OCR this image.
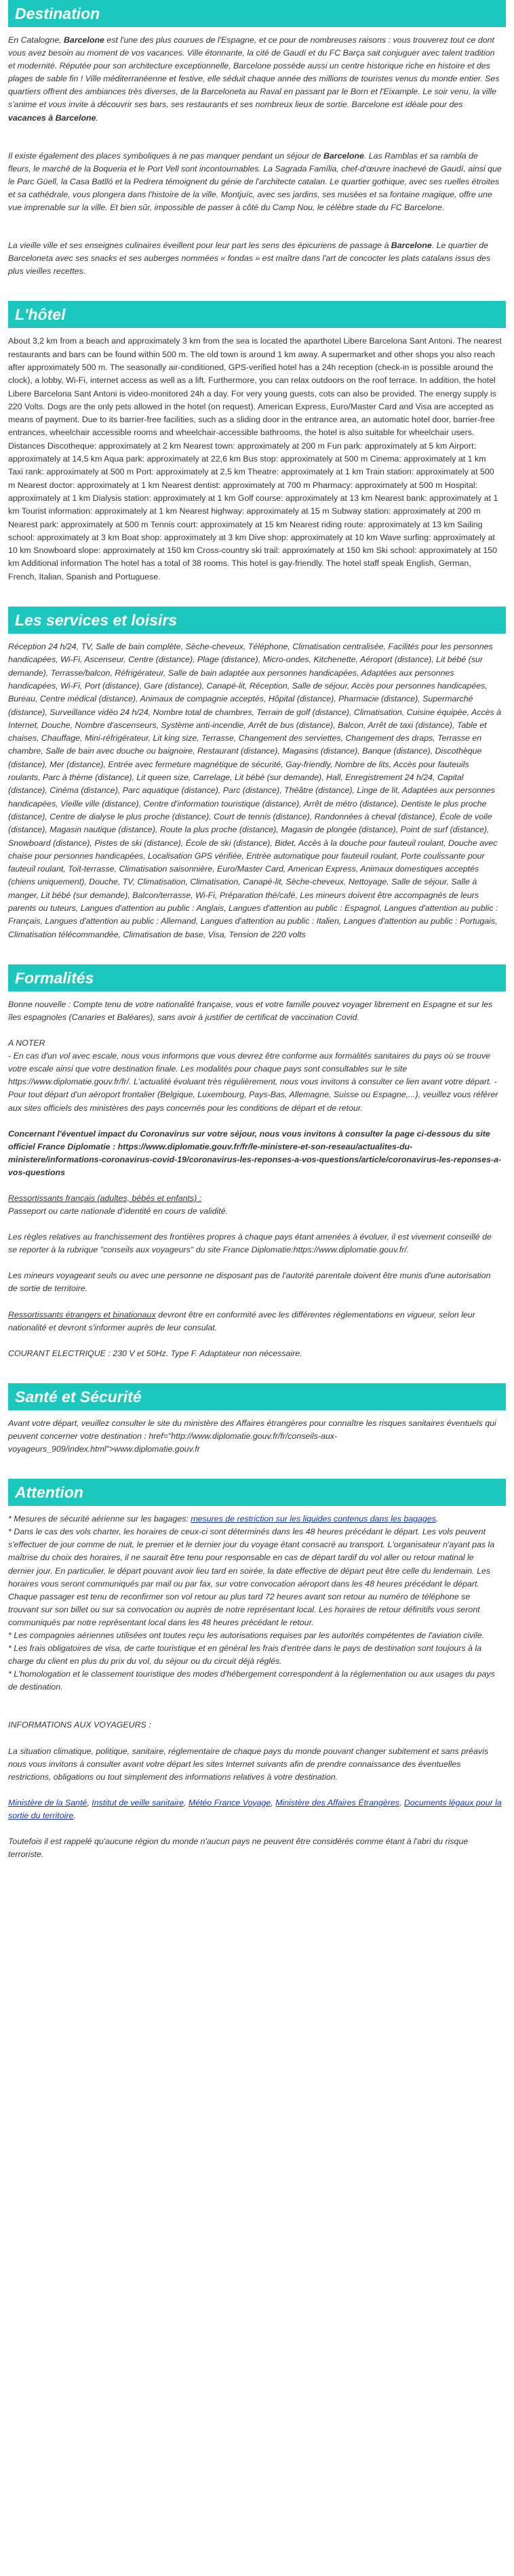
Destination
En Catalogne, Barcelone est l'une des plus courues de l'Espagne, et ce pour de nombreuses raisons : vous trouverez tout ce dont vous avez besoin au moment de vos vacances. Ville étonnante, la cité de Gaudí et du FC Barça sait conjuguer avec talent tradition et modernité. Réputée pour son architecture exceptionnelle, Barcelone possède aussi un centre historique riche en histoire et des plages de sable fin ! Ville méditerranéenne et festive, elle séduit chaque année des millions de touristes venus du monde entier. Ses quartiers offrent des ambiances très diverses, de la Barceloneta au Raval en passant par le Born et l'Eixample. Le soir venu, la ville s'anime et vous invite à découvrir ses bars, ses restaurants et ses nombreux lieux de sortie. Barcelone est idéale pour des vacances à Barcelone.
Il existe également des places symboliques à ne pas manquer pendant un séjour de Barcelone. Las Ramblas et sa rambla de fleurs, le marché de la Boqueria et le Port Vell sont incontournables. La Sagrada Família, chef-d'œuvre inachevé de Gaudí, ainsi que le Parc Güell, la Casa Batlló et la Pedrera témoignent du génie de l'architecte catalan. Le quartier gothique, avec ses ruelles étroites et sa cathédrale, vous plongera dans l'histoire de la ville. Montjuïc, avec ses jardins, ses musées et sa fontaine magique, offre une vue imprenable sur la ville. Et bien sûr, impossible de passer à côté du Camp Nou, le célèbre stade du FC Barcelone.
La vieille ville et ses enseignes culinaires éveillent pour leur part les sens des épicuriens de passage à Barcelone. Le quartier de Barceloneta avec ses snacks et ses auberges nommées « fondas » est maître dans l'art de concocter les plats catalans issus des plus vieilles recettes.
L'hôtel
About 3,2 km from a beach and approximately 3 km from the sea is located the aparthotel Libere Barcelona Sant Antoni. The nearest restaurants and bars can be found within 500 m. The old town is around 1 km away. A supermarket and other shops you also reach after approximately 500 m. The seasonally air-conditioned, GPS-verified hotel has a 24h reception (check-in is possible around the clock), a lobby, Wi-Fi, internet access as well as a lift. Furthermore, you can relax outdoors on the roof terrace. In addition, the hotel Libere Barcelona Sant Antoni is video-monitored 24h a day. For very young guests, cots can also be provided. The energy supply is 220 Volts. Dogs are the only pets allowed in the hotel (on request). American Express, Euro/Master Card and Visa are accepted as means of payment. Due to its barrier-free facilities, such as a sliding door in the entrance area, an automatic hotel door, barrier-free entrances, wheelchair accessible rooms and wheelchair-accessible bathrooms, the hotel is also suitable for wheelchair users. Distances Discotheque: approximately at 2 km Nearest town: approximately at 200 m Fun park: approximately at 5 km Airport: approximately at 14,5 km Aqua park: approximately at 22,6 km Bus stop: approximately at 500 m Cinema: approximately at 1 km Taxi rank: approximately at 500 m Port: approximately at 2,5 km Theatre: approximately at 1 km Train station: approximately at 500 m Nearest doctor: approximately at 1 km Nearest dentist: approximately at 700 m Pharmacy: approximately at 500 m Hospital: approximately at 1 km Dialysis station: approximately at 1 km Golf course: approximately at 13 km Nearest bank: approximately at 1 km Tourist information: approximately at 1 km Nearest highway: approximately at 15 m Subway station: approximately at 200 m Nearest park: approximately at 500 m Tennis court: approximately at 15 km Nearest riding route: approximately at 13 km Sailing school: approximately at 3 km Boat shop: approximately at 3 km Dive shop: approximately at 10 km Wave surfing: approximately at 10 km Snowboard slope: approximately at 150 km Cross-country ski trail: approximately at 150 km Ski school: approximately at 150 km Additional information The hotel has a total of 38 rooms. This hotel is gay-friendly. The hotel staff speak English, German, French, Italian, Spanish and Portuguese.
Les services et loisirs
Réception 24 h/24, TV, Salle de bain complète, Sèche-cheveux, Téléphone, Climatisation centralisée, Facilités pour les personnes handicapées, Wi-Fi, Ascenseur, Centre (distance), Plage (distance), Micro-ondes, Kitchenette, Aéroport (distance), Lit bébé (sur demande), Terrasse/balcon, Réfrigérateur, Salle de bain adaptée aux personnes handicapées, Adaptées aux personnes handicapées, Wi-Fi, Port (distance), Gare (distance), Canapé-lit, Réception, Salle de séjour, Accès pour personnes handicapées, Bureau, Centre médical (distance), Animaux de compagnie acceptés, Hôpital (distance), Pharmacie (distance), Supermarché (distance), Surveillance vidéo 24 h/24, Nombre total de chambres, Terrain de golf (distance), Climatisation, Cuisine équipée, Accès à Internet, Douche, Nombre d'ascenseurs, Système anti-incendie, Arrêt de bus (distance), Balcon, Arrêt de taxi (distance), Table et chaises, Chauffage, Mini-réfrigérateur, Lit king size, Terrasse, Changement des serviettes, Changement des draps, Terrasse en chambre, Salle de bain avec douche ou baignoire, Restaurant (distance), Magasins (distance), Banque (distance), Discothèque (distance), Mer (distance), Entrée avec fermeture magnétique de sécurité, Gay-friendly, Nombre de lits, Accès pour fauteuils roulants, Parc à thème (distance), Lit queen size, Carrelage, Lit bébé (sur demande), Hall, Enregistrement 24 h/24, Capital (distance), Cinéma (distance), Parc aquatique (distance), Parc (distance), Théâtre (distance), Linge de lit, Adaptées aux personnes handicapées, Vieille ville (distance), Centre d'information touristique (distance), Arrêt de métro (distance), Dentiste le plus proche (distance), Centre de dialyse le plus proche (distance), Court de tennis (distance), Randonnées à cheval (distance), École de voile (distance), Magasin nautique (distance), Route la plus proche (distance), Magasin de plongée (distance), Point de surf (distance), Snowboard (distance), Pistes de ski (distance), École de ski (distance), Bidet, Accès à la douche pour fauteuil roulant, Douche avec chaise pour personnes handicapées, Localisation GPS vérifiée, Entrée automatique pour fauteuil roulant, Porte coulissante pour fauteuil roulant, Toit-terrasse, Climatisation saisonnière, Euro/Master Card, American Express, Animaux domestiques acceptés (chiens uniquement), Douche, TV, Climatisation, Climatisation, Canapé-lit, Sèche-cheveux, Nettoyage, Salle de séjour, Salle à manger, Lit bébé (sur demande), Balcon/terrasse, Wi-Fi, Préparation thé/café, Les mineurs doivent être accompagnés de leurs parents ou tuteurs, Langues d'attention au public : Anglais, Langues d'attention au public : Espagnol, Langues d'attention au public : Français, Langues d'attention au public : Allemand, Langues d'attention au public : Italien, Langues d'attention au public : Portugais, Climatisation télécommandée, Climatisation de base, Visa, Tension de 220 volts
Formalités
Bonne nouvelle : Compte tenu de votre nationalité française, vous et votre famille pouvez voyager librement en Espagne et sur les îles espagnoles (Canaries et Baléares), sans avoir à justifier de certificat de vaccination Covid.
A NOTER
- En cas d'un vol avec escale, nous vous informons que vous devrez être conforme aux formalités sanitaires du pays où se trouve votre escale ainsi que votre destination finale. Les modalités pour chaque pays sont consultables sur le site https://www.diplomatie.gouv.fr/fr/. L'actualité évoluant très régulièrement, nous vous invitons à consulter ce lien avant votre départ. - Pour tout départ d'un aéroport frontalier (Belgique, Luxembourg, Pays-Bas, Allemagne, Suisse ou Espagne,...), veuillez vous référer aux sites officiels des ministères des pays concernés pour les conditions de départ et de retour.
Concernant l'éventuel impact du Coronavirus sur votre séjour, nous vous invitons à consulter la page ci-dessous du site officiel France Diplomatie : https://www.diplomatie.gouv.fr/fr/le-ministere-et-son-reseau/actualites-du-ministere/informations-coronavirus-covid-19/coronavirus-les-reponses-a-vos-questions/article/coronavirus-les-reponses-a-vos-questions
Ressortissants français (adultes, bébés et enfants) :
Passeport ou carte nationale d'identité en cours de validité.
Les règles relatives au franchissement des frontières propres à chaque pays étant amenées à évoluer, il est vivement conseillé de se reporter à la rubrique "conseils aux voyageurs" du site France Diplomatie:https://www.diplomatie.gouv.fr/.
Les mineurs voyageant seuls ou avec une personne ne disposant pas de l'autorité parentale doivent être munis d'une autorisation de sortie de territoire.
Ressortissants étrangers et binationaux devront être en conformité avec les différentes réglementations en vigueur, selon leur nationalité et devront s'informer auprès de leur consulat.
COURANT ELECTRIQUE : 230 V et 50Hz. Type F. Adaptateur non nécessaire.
Santé et Sécurité
Avant votre départ, veuillez consulter le site du ministère des Affaires étrangères pour connaître les risques sanitaires éventuels qui peuvent concerner votre destination : href="http://www.diplomatie.gouv.fr/fr/conseils-aux-voyageurs_909/index.html">www.diplomatie.gouv.fr
Attention
* Mesures de sécurité aérienne sur les bagages: mesures de restriction sur les liquides contenus dans les bagages.
* Dans le cas des vols charter, les horaires de ceux-ci sont déterminés dans les 48 heures précédant le départ. Les vols peuvent s'effectuer de jour comme de nuit, le premier et le dernier jour du voyage étant consacré au transport. L'organisateur n'ayant pas la maîtrise du choix des horaires, il ne saurait être tenu pour responsable en cas de départ tardif du vol aller ou retour matinal le dernier jour. En particulier, le départ pouvant avoir lieu tard en soirée, la date effective de départ peut être celle du lendemain. Les horaires vous seront communiqués par mail ou par fax, sur votre convocation aéroport dans les 48 heures précédant le départ. Chaque passager est tenu de reconfirmer son vol retour au plus tard 72 heures avant son retour au numéro de téléphone se trouvant sur son billet ou sur sa convocation ou auprès de notre représentant local. Les horaires de retour définitifs vous seront communiqués par notre représentant local dans les 48 heures précédant le retour.
* Les compagnies aériennes utilisées ont toutes reçu les autorisations requises par les autorités compétentes de l'aviation civile.
* Les frais obligatoires de visa, de carte touristique et en général les frais d'entrée dans le pays de destination sont toujours à la charge du client en plus du prix du vol, du séjour ou du circuit déjà réglés.
* L'homologation et le classement touristique des modes d'hébergement correspondent à la réglementation ou aux usages du pays de destination.
INFORMATIONS AUX VOYAGEURS :
La situation climatique, politique, sanitaire, réglementaire de chaque pays du monde pouvant changer subitement et sans préavis nous vous invitons à consulter avant votre départ les sites Internet suivants afin de prendre connaissance des éventuelles restrictions, obligations ou tout simplement des informations relatives à votre destination.
Ministère de la Santé, Institut de veille sanitaire, Météo France Voyage, Ministère des Affaires Étrangères, Documents légaux pour la sortie du territoire.
Toutefois il est rappelé qu'aucune région du monde n'aucun pays ne peuvent être considérés comme étant à l'abri du risque terroriste.
